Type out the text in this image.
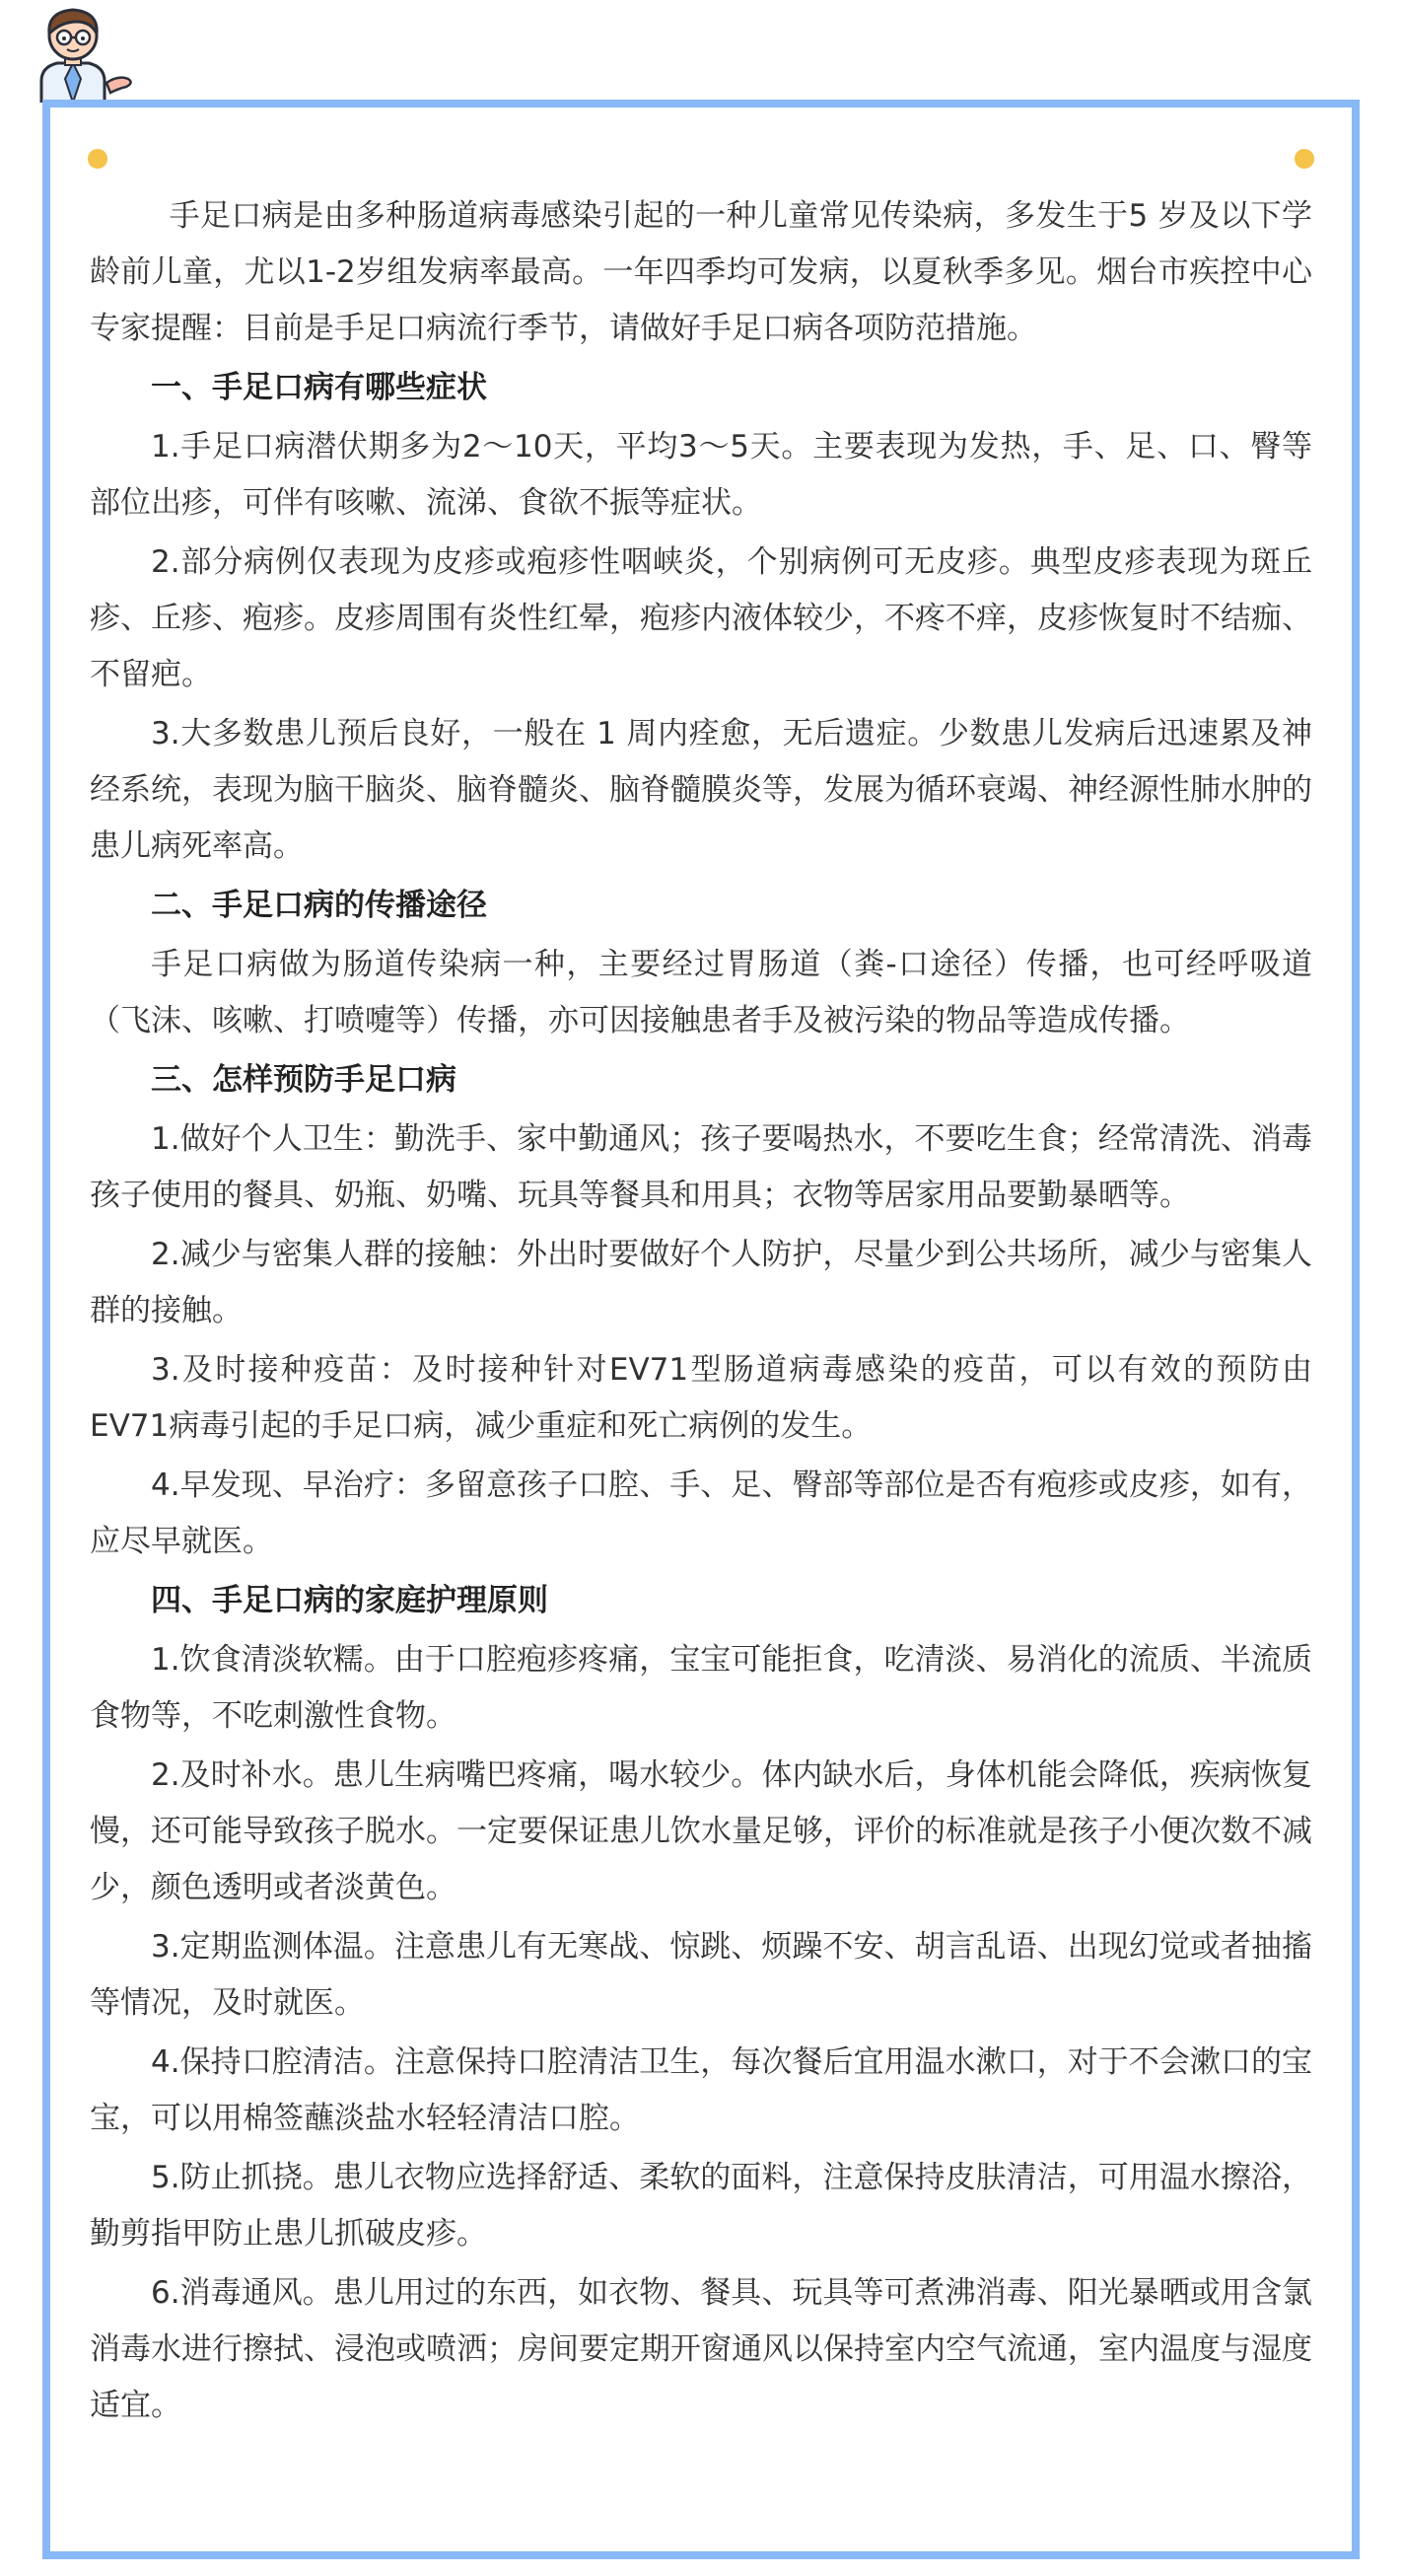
手足口病是由多种肠道病毒感染引起的一种儿童常见传染病，多发生于5 岁及以下学龄前儿童，尤以1-2岁组发病率最高。一年四季均可发病，以夏秋季多见。烟台市疾控中心专家提醒：目前是手足口病流行季节，请做好手足口病各项防范措施。

一、手足口病有哪些症状

1.手足口病潜伏期多为2～10天，平均3～5天。主要表现为发热，手、足、口、臀等部位出疹，可伴有咳嗽、流涕、食欲不振等症状。

2.部分病例仅表现为皮疹或疱疹性咽峡炎，个别病例可无皮疹。典型皮疹表现为斑丘疹、丘疹、疱疹。皮疹周围有炎性红晕，疱疹内液体较少，不疼不痒，皮疹恢复时不结痂、不留疤。

3.大多数患儿预后良好，一般在 1 周内痊愈，无后遗症。少数患儿发病后迅速累及神经系统，表现为脑干脑炎、脑脊髓炎、脑脊髓膜炎等，发展为循环衰竭、神经源性肺水肿的患儿病死率高。

二、手足口病的传播途径

手足口病做为肠道传染病一种，主要经过胃肠道（粪-口途径）传播，也可经呼吸道（飞沫、咳嗽、打喷嚏等）传播，亦可因接触患者手及被污染的物品等造成传播。

三、怎样预防手足口病

1.做好个人卫生：勤洗手、家中勤通风；孩子要喝热水，不要吃生食；经常清洗、消毒孩子使用的餐具、奶瓶、奶嘴、玩具等餐具和用具；衣物等居家用品要勤暴晒等。

2.减少与密集人群的接触：外出时要做好个人防护，尽量少到公共场所，减少与密集人群的接触。

3.及时接种疫苗：及时接种针对EV71型肠道病毒感染的疫苗，可以有效的预防由EV71病毒引起的手足口病，减少重症和死亡病例的发生。

4.早发现、早治疗：多留意孩子口腔、手、足、臀部等部位是否有疱疹或皮疹，如有，应尽早就医。

四、手足口病的家庭护理原则

1.饮食清淡软糯。由于口腔疱疹疼痛，宝宝可能拒食，吃清淡、易消化的流质、半流质食物等，不吃刺激性食物。

2.及时补水。患儿生病嘴巴疼痛，喝水较少。体内缺水后，身体机能会降低，疾病恢复慢，还可能导致孩子脱水。一定要保证患儿饮水量足够，评价的标准就是孩子小便次数不减少，颜色透明或者淡黄色。

3.定期监测体温。注意患儿有无寒战、惊跳、烦躁不安、胡言乱语、出现幻觉或者抽搐等情况，及时就医。

4.保持口腔清洁。注意保持口腔清洁卫生，每次餐后宜用温水漱口，对于不会漱口的宝宝，可以用棉签蘸淡盐水轻轻清洁口腔。

5.防止抓挠。患儿衣物应选择舒适、柔软的面料，注意保持皮肤清洁，可用温水擦浴，勤剪指甲防止患儿抓破皮疹。

6.消毒通风。患儿用过的东西，如衣物、餐具、玩具等可煮沸消毒、阳光暴晒或用含氯消毒水进行擦拭、浸泡或喷洒；房间要定期开窗通风以保持室内空气流通，室内温度与湿度适宜。
